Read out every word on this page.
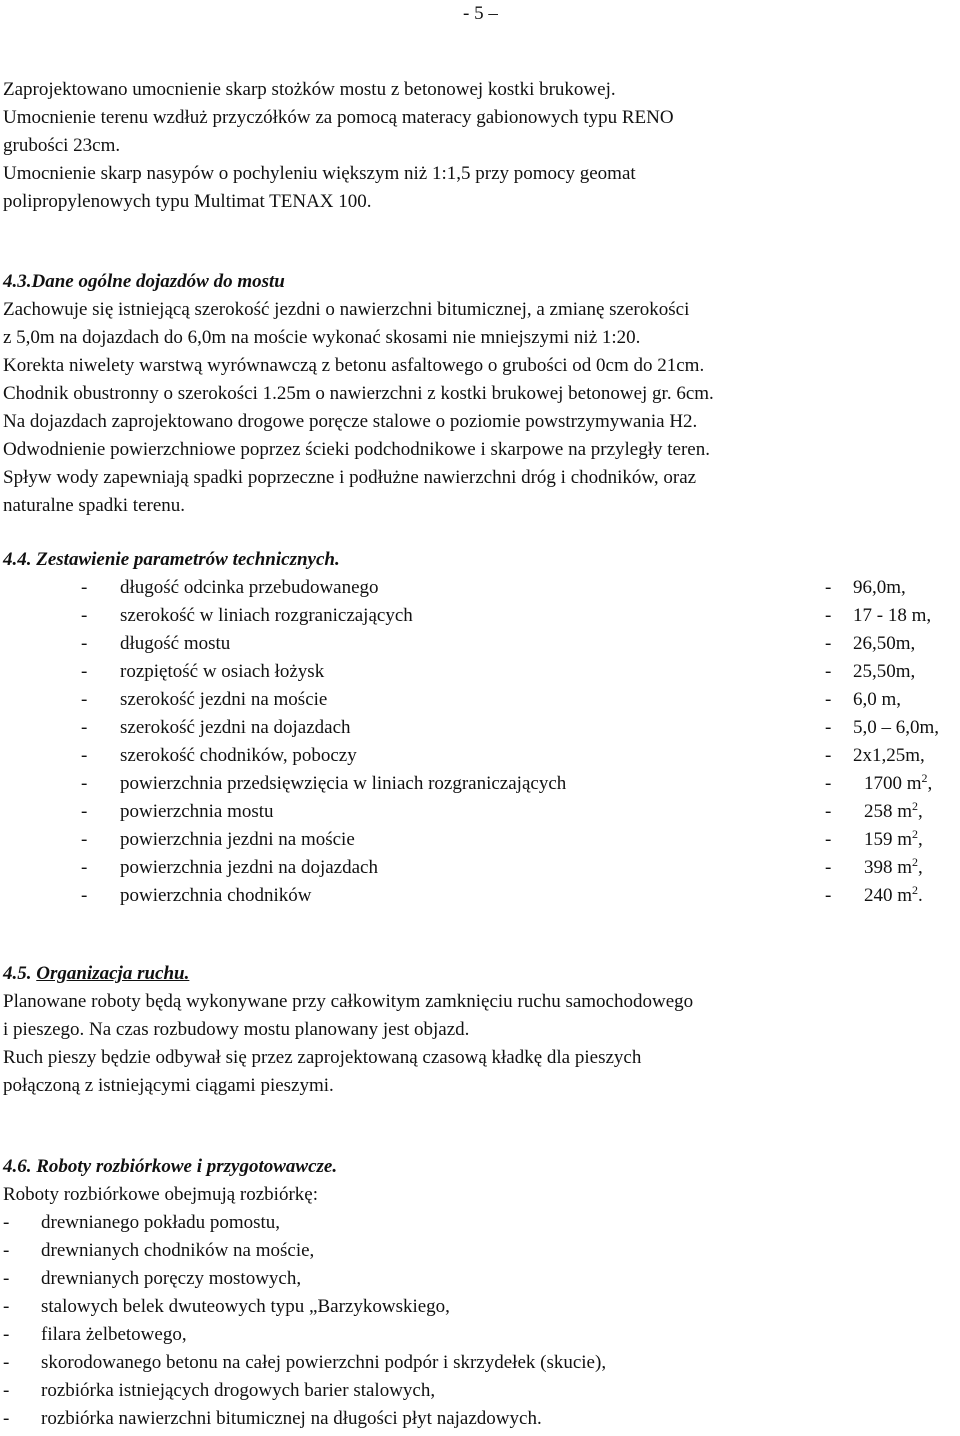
- 5 –
Zaprojektowano umocnienie skarp stożków mostu z betonowej kostki brukowej.
Umocnienie terenu wzdłuż przyczółków za pomocą materacy gabionowych typu RENO
grubości 23cm.
Umocnienie skarp nasypów o pochyleniu większym niż 1:1,5 przy pomocy geomat
polipropylenowych typu Multimat TENAX 100.
4.3.Dane ogólne dojazdów do mostu
Zachowuje się istniejącą szerokość jezdni o nawierzchni bitumicznej, a zmianę szerokości
z 5,0m na dojazdach do 6,0m na moście wykonać skosami nie mniejszymi niż 1:20.
Korekta niwelety warstwą wyrównawczą z betonu asfaltowego o grubości od 0cm do 21cm.
Chodnik obustronny o szerokości 1.25m o nawierzchni z kostki brukowej betonowej gr. 6cm.
Na dojazdach zaprojektowano drogowe poręcze stalowe o poziomie powstrzymywania H2.
Odwodnienie powierzchniowe poprzez ścieki podchodnikowe i skarpowe na przyległy teren.
Spływ wody zapewniają spadki poprzeczne i podłużne nawierzchni dróg i chodników, oraz
naturalne spadki terenu.
4.4. Zestawienie parametrów technicznych.
- długość odcinka przebudowanego	- 96,0m,
- szerokość w liniach rozgraniczających	- 17 - 18 m,
- długość mostu	- 26,50m,
- rozpiętość w osiach łożysk	- 25,50m,
- szerokość jezdni na moście	- 6,0 m,
- szerokość jezdni na dojazdach	- 5,0 – 6,0m,
- szerokość chodników, poboczy	- 2x1,25m,
- powierzchnia przedsięwzięcia w liniach rozgraniczających	- 1700 $m^2$,
- powierzchnia mostu	- 258 $m^2$,
- powierzchnia jezdni na moście	- 159 $m^2$,
- powierzchnia jezdni na dojazdach	- 398 $m^2$,
- powierzchnia chodników	- 240 $m^2$.
4.5. Organizacja ruchu.
Planowane roboty będą wykonywane przy całkowitym zamknięciu ruchu samochodowego
i pieszego. Na czas rozbudowy mostu planowany jest objazd.
Ruch pieszy będzie odbywał się przez zaprojektowaną czasową kładkę dla pieszych
połączoną z istniejącymi ciągami pieszymi.
4.6. Roboty rozbiórkowe i przygotowawcze.
Roboty rozbiórkowe obejmują rozbiórkę:
- drewnianego pokładu pomostu,
- drewnianych chodników na moście,
- drewnianych poręczy mostowych,
- stalowych belek dwuteowych typu „Barzykowskiego,
- filara żelbetowego,
- skorodowanego betonu na całej powierzchni podpór i skrzydełek (skucie),
- rozbiórka istniejących drogowych barier stalowych,
- rozbiórka nawierzchni bitumicznej na długości płyt najazdowych.
